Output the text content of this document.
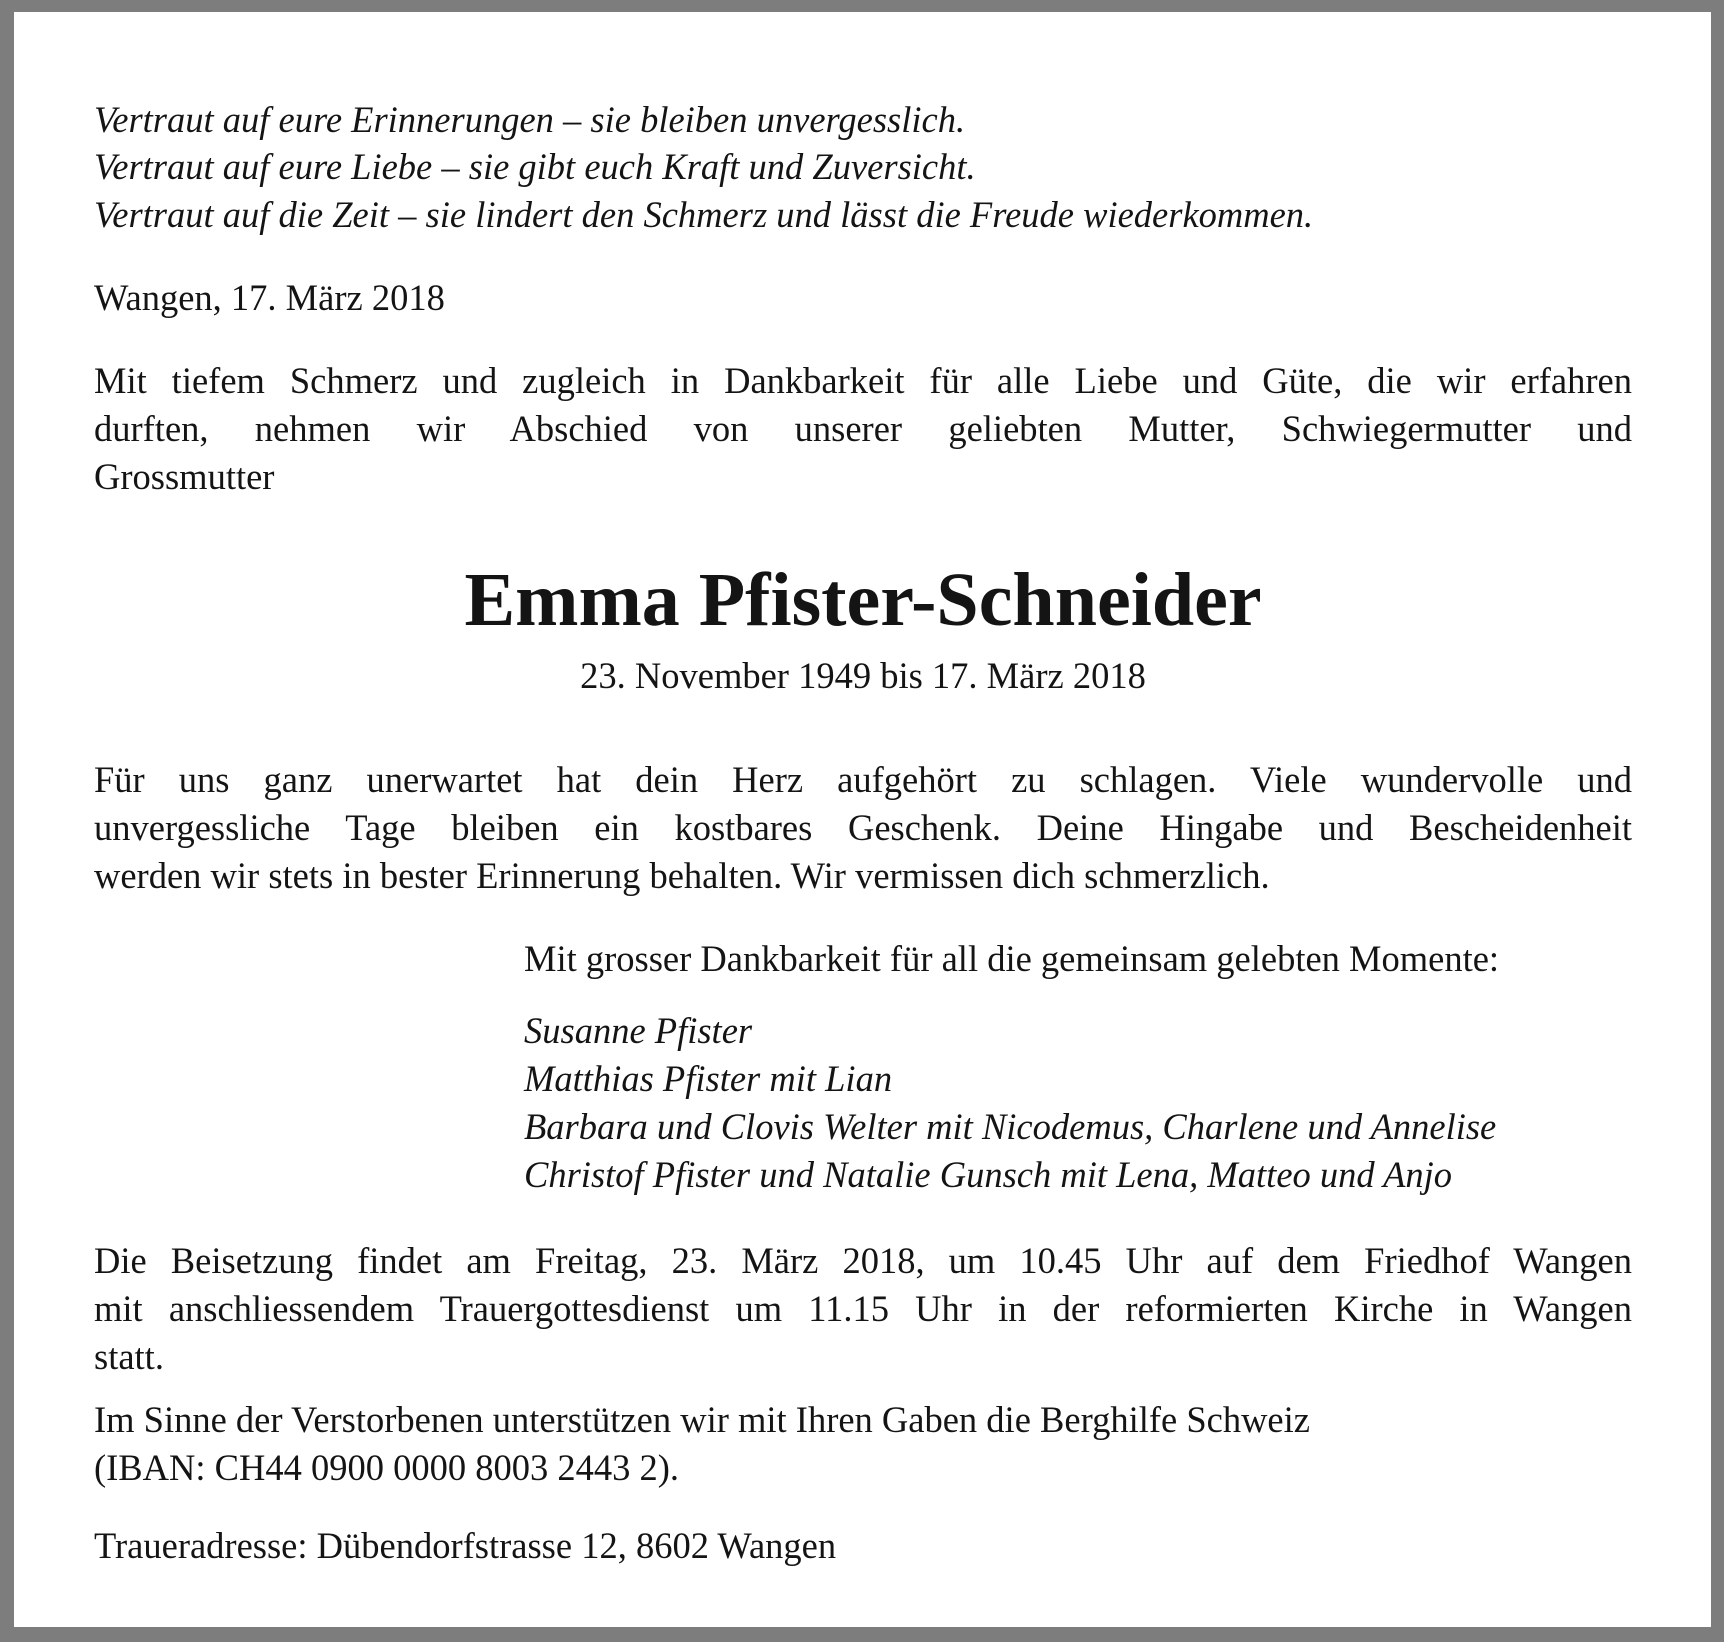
Vertraut auf eure Erinnerungen – sie bleiben unvergesslich.
Vertraut auf eure Liebe – sie gibt euch Kraft und Zuversicht.
Vertraut auf die Zeit – sie lindert den Schmerz und lässt die Freude wiederkommen.
Wangen, 17. März 2018
Mit tiefem Schmerz und zugleich in Dankbarkeit für alle Liebe und Güte, die wir erfahren
durften, nehmen wir Abschied von unserer geliebten Mutter, Schwiegermutter und
Grossmutter
Emma Pfister-Schneider
23. November 1949 bis 17. März 2018
Für uns ganz unerwartet hat dein Herz aufgehört zu schlagen. Viele wundervolle und
unvergessliche Tage bleiben ein kostbares Geschenk. Deine Hingabe und Bescheidenheit
werden wir stets in bester Erinnerung behalten. Wir vermissen dich schmerzlich.
Mit grosser Dankbarkeit für all die gemeinsam gelebten Momente:
Susanne Pfister
Matthias Pfister mit Lian
Barbara und Clovis Welter mit Nicodemus, Charlene und Annelise
Christof Pfister und Natalie Gunsch mit Lena, Matteo und Anjo
Die Beisetzung findet am Freitag, 23. März 2018, um 10.45 Uhr auf dem Friedhof Wangen
mit anschliessendem Trauergottesdienst um 11.15 Uhr in der reformierten Kirche in Wangen
statt.
Im Sinne der Verstorbenen unterstützen wir mit Ihren Gaben die Berghilfe Schweiz
(IBAN: CH44 0900 0000 8003 2443 2).
Traueradresse: Dübendorfstrasse 12, 8602 Wangen
